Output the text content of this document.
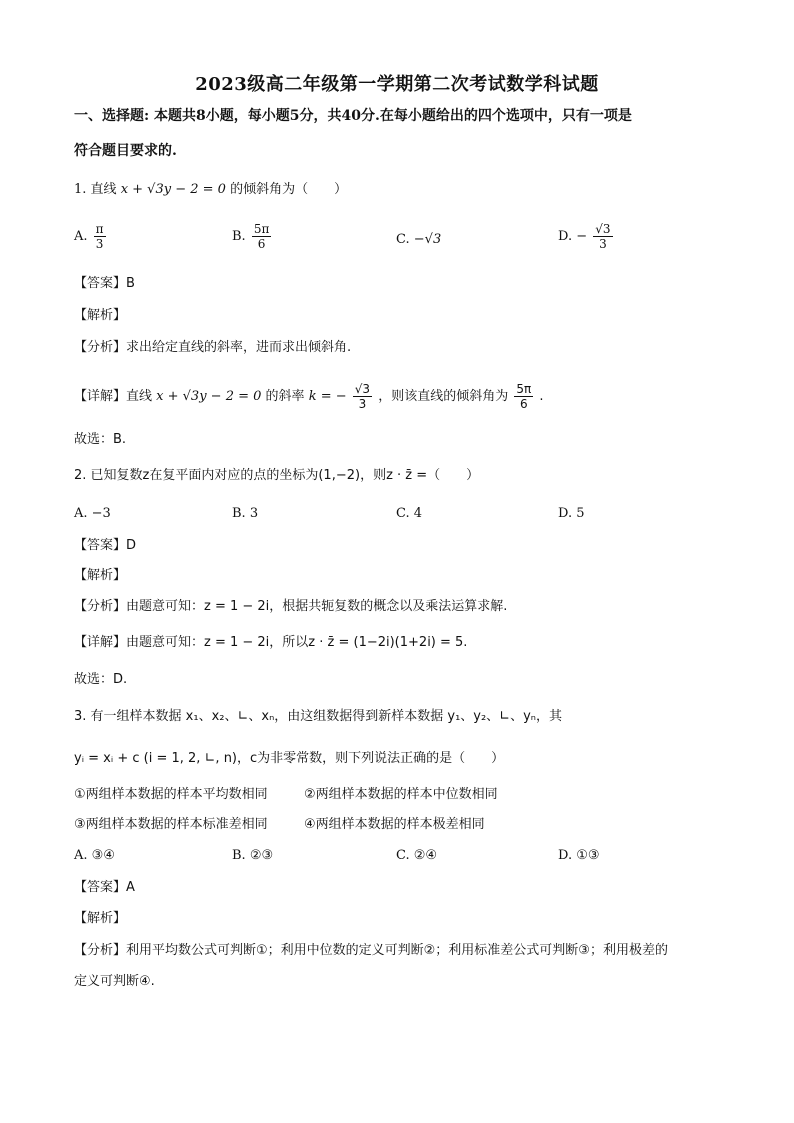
2023级高二年级第一学期第二次考试数学科试题
一、选择题: 本题共8小题，每小题5分，共40分.在每小题给出的四个选项中，只有一项是
符合题目要求的.
1. 直线 x + √3y − 2 = 0 的倾斜角为（　　）
A. $\frac{\pi}{3}$	B. $\frac{5\pi}{6}$	C. −√3	D. − $\frac{√3}{3}$
【答案】B
【解析】
【分析】求出给定直线的斜率，进而求出倾斜角.
【详解】直线 x + √3y − 2 = 0 的斜率 k = − $\frac{√3}{3}$ ，则该直线的倾斜角为 $\frac{5\pi}{6}$ .
故选：B.
2. 已知复数z在复平面内对应的点的坐标为(1,−2)，则z · z̄ =（　　）
A. −3	B. 3	C. 4	D. 5
【答案】D
【解析】
【分析】由题意可知：z = 1 − 2i，根据共轭复数的概念以及乘法运算求解.
【详解】由题意可知：z = 1 − 2i，所以z · z̄ = (1−2i)(1+2i) = 5.
故选：D.
3. 有一组样本数据 x₁、x₂、∟、xₙ，由这组数据得到新样本数据 y₁、y₂、∟、yₙ，其
yᵢ = xᵢ + c (i = 1, 2, ∟, n)，c为非零常数，则下列说法正确的是（　　）
①两组样本数据的样本平均数相同	②两组样本数据的样本中位数相同
③两组样本数据的样本标准差相同	④两组样本数据的样本极差相同
A. ③④	B. ②③	C. ②④	D. ①③
【答案】A
【解析】
【分析】利用平均数公式可判断①；利用中位数的定义可判断②；利用标准差公式可判断③；利用极差的
定义可判断④.
